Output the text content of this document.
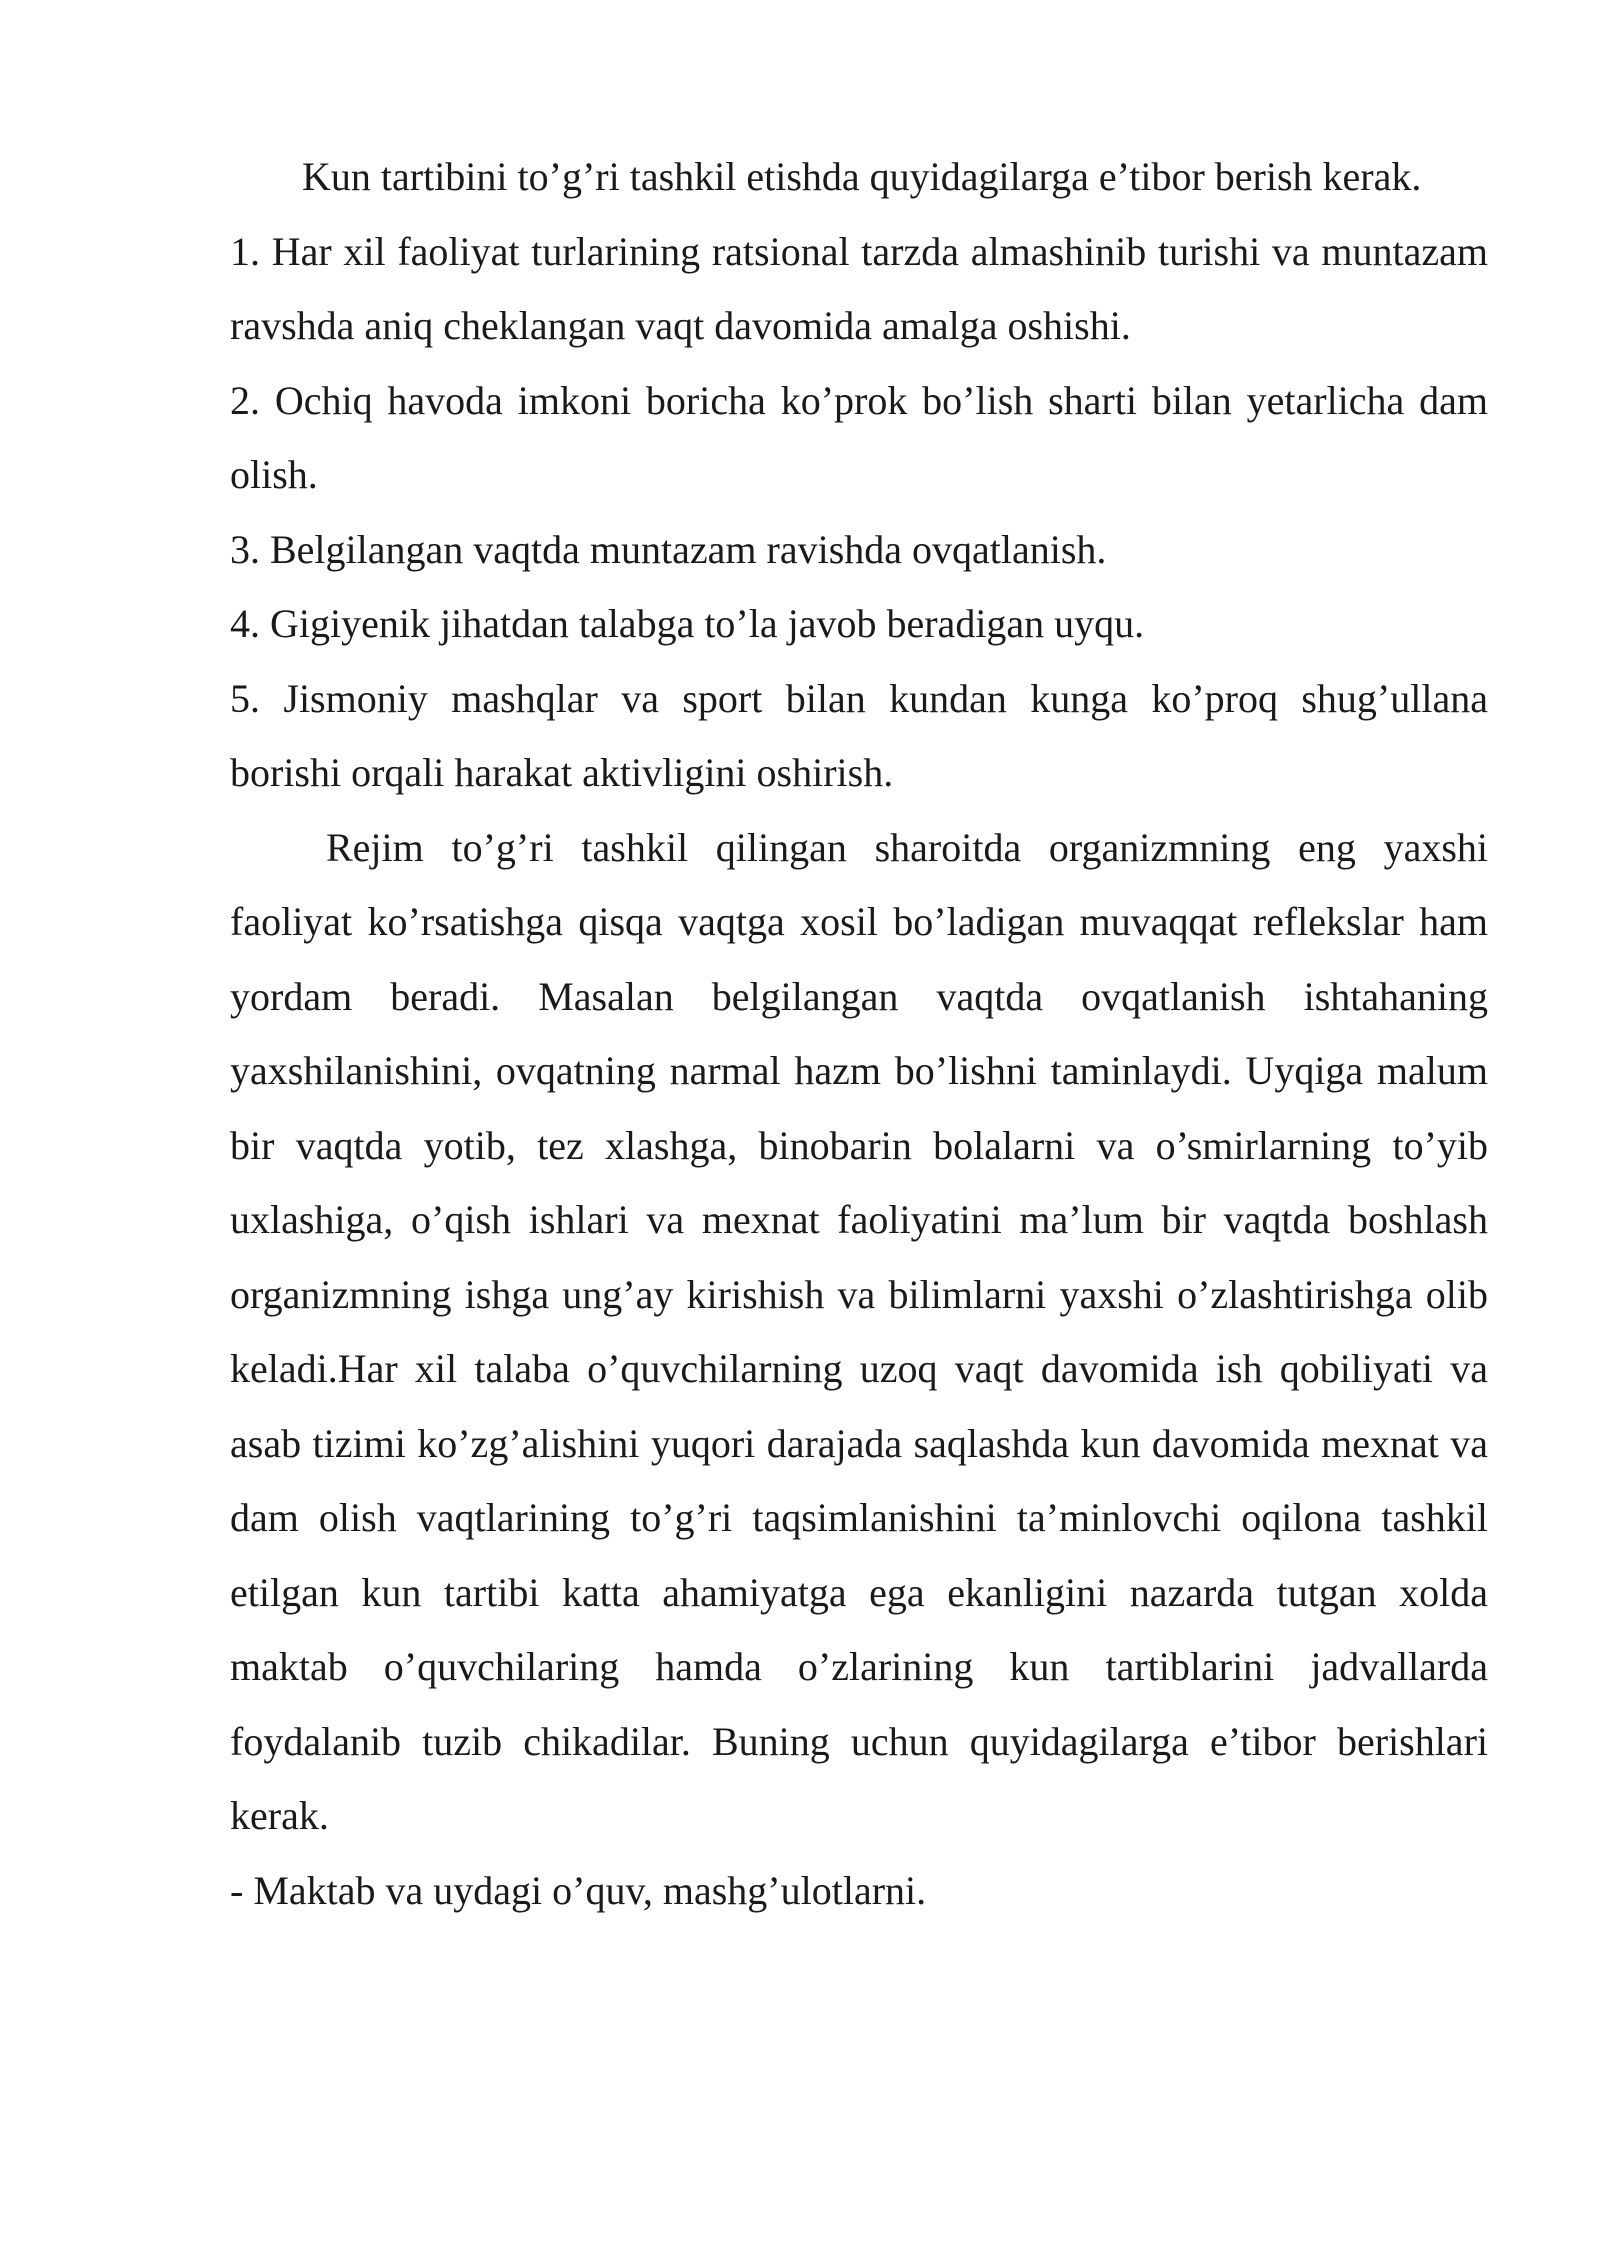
Kun tartibini to’g’ri tashkil etishda quyidagilarga e’tibor berish kerak.

1. Har xil faoliyat turlarining ratsional tarzda almashinib turishi va muntazam ravshda aniq cheklangan vaqt davomida amalga oshishi.

2. Ochiq havoda imkoni boricha ko’prok bo’lish sharti bilan yetarlicha dam olish.

3. Belgilangan vaqtda muntazam ravishda ovqatlanish.

4. Gigiyenik jihatdan talabga to’la javob beradigan uyqu.

5. Jismoniy mashqlar va sport bilan kundan kunga ko’proq shug’ullana borishi orqali harakat aktivligini oshirish.

Rejim to’g’ri tashkil qilingan sharoitda organizmning eng yaxshi faoliyat ko’rsatishga qisqa vaqtga xosil bo’ladigan muvaqqat reflekslar ham yordam beradi. Masalan belgilangan vaqtda ovqatlanish ishtahaning yaxshilanishini, ovqatning narmal hazm bo’lishni taminlaydi. Uyqiga malum bir vaqtda yotib, tez xlashga, binobarin bolalarni va o’smirlarning to’yib uxlashiga, o’qish ishlari va mexnat faoliyatini ma’lum bir vaqtda boshlash organizmning ishga ung’ay kirishish va bilimlarni yaxshi o’zlashtirishga olib keladi.Har xil talaba o’quvchilarning uzoq vaqt davomida ish qobiliyati va asab tizimi ko’zg’alishini yuqori darajada saqlashda kun davomida mexnat va dam olish vaqtlarining to’g’ri taqsimlanishini ta’minlovchi oqilona tashkil etilgan kun tartibi katta ahamiyatga ega ekanligini nazarda tutgan xolda maktab o’quvchilaring hamda o’zlarining kun tartiblarini jadvallarda foydalanib tuzib chikadilar. Buning uchun quyidagilarga e’tibor berishlari kerak.

- Maktab va uydagi o’quv, mashg’ulotlarni.
